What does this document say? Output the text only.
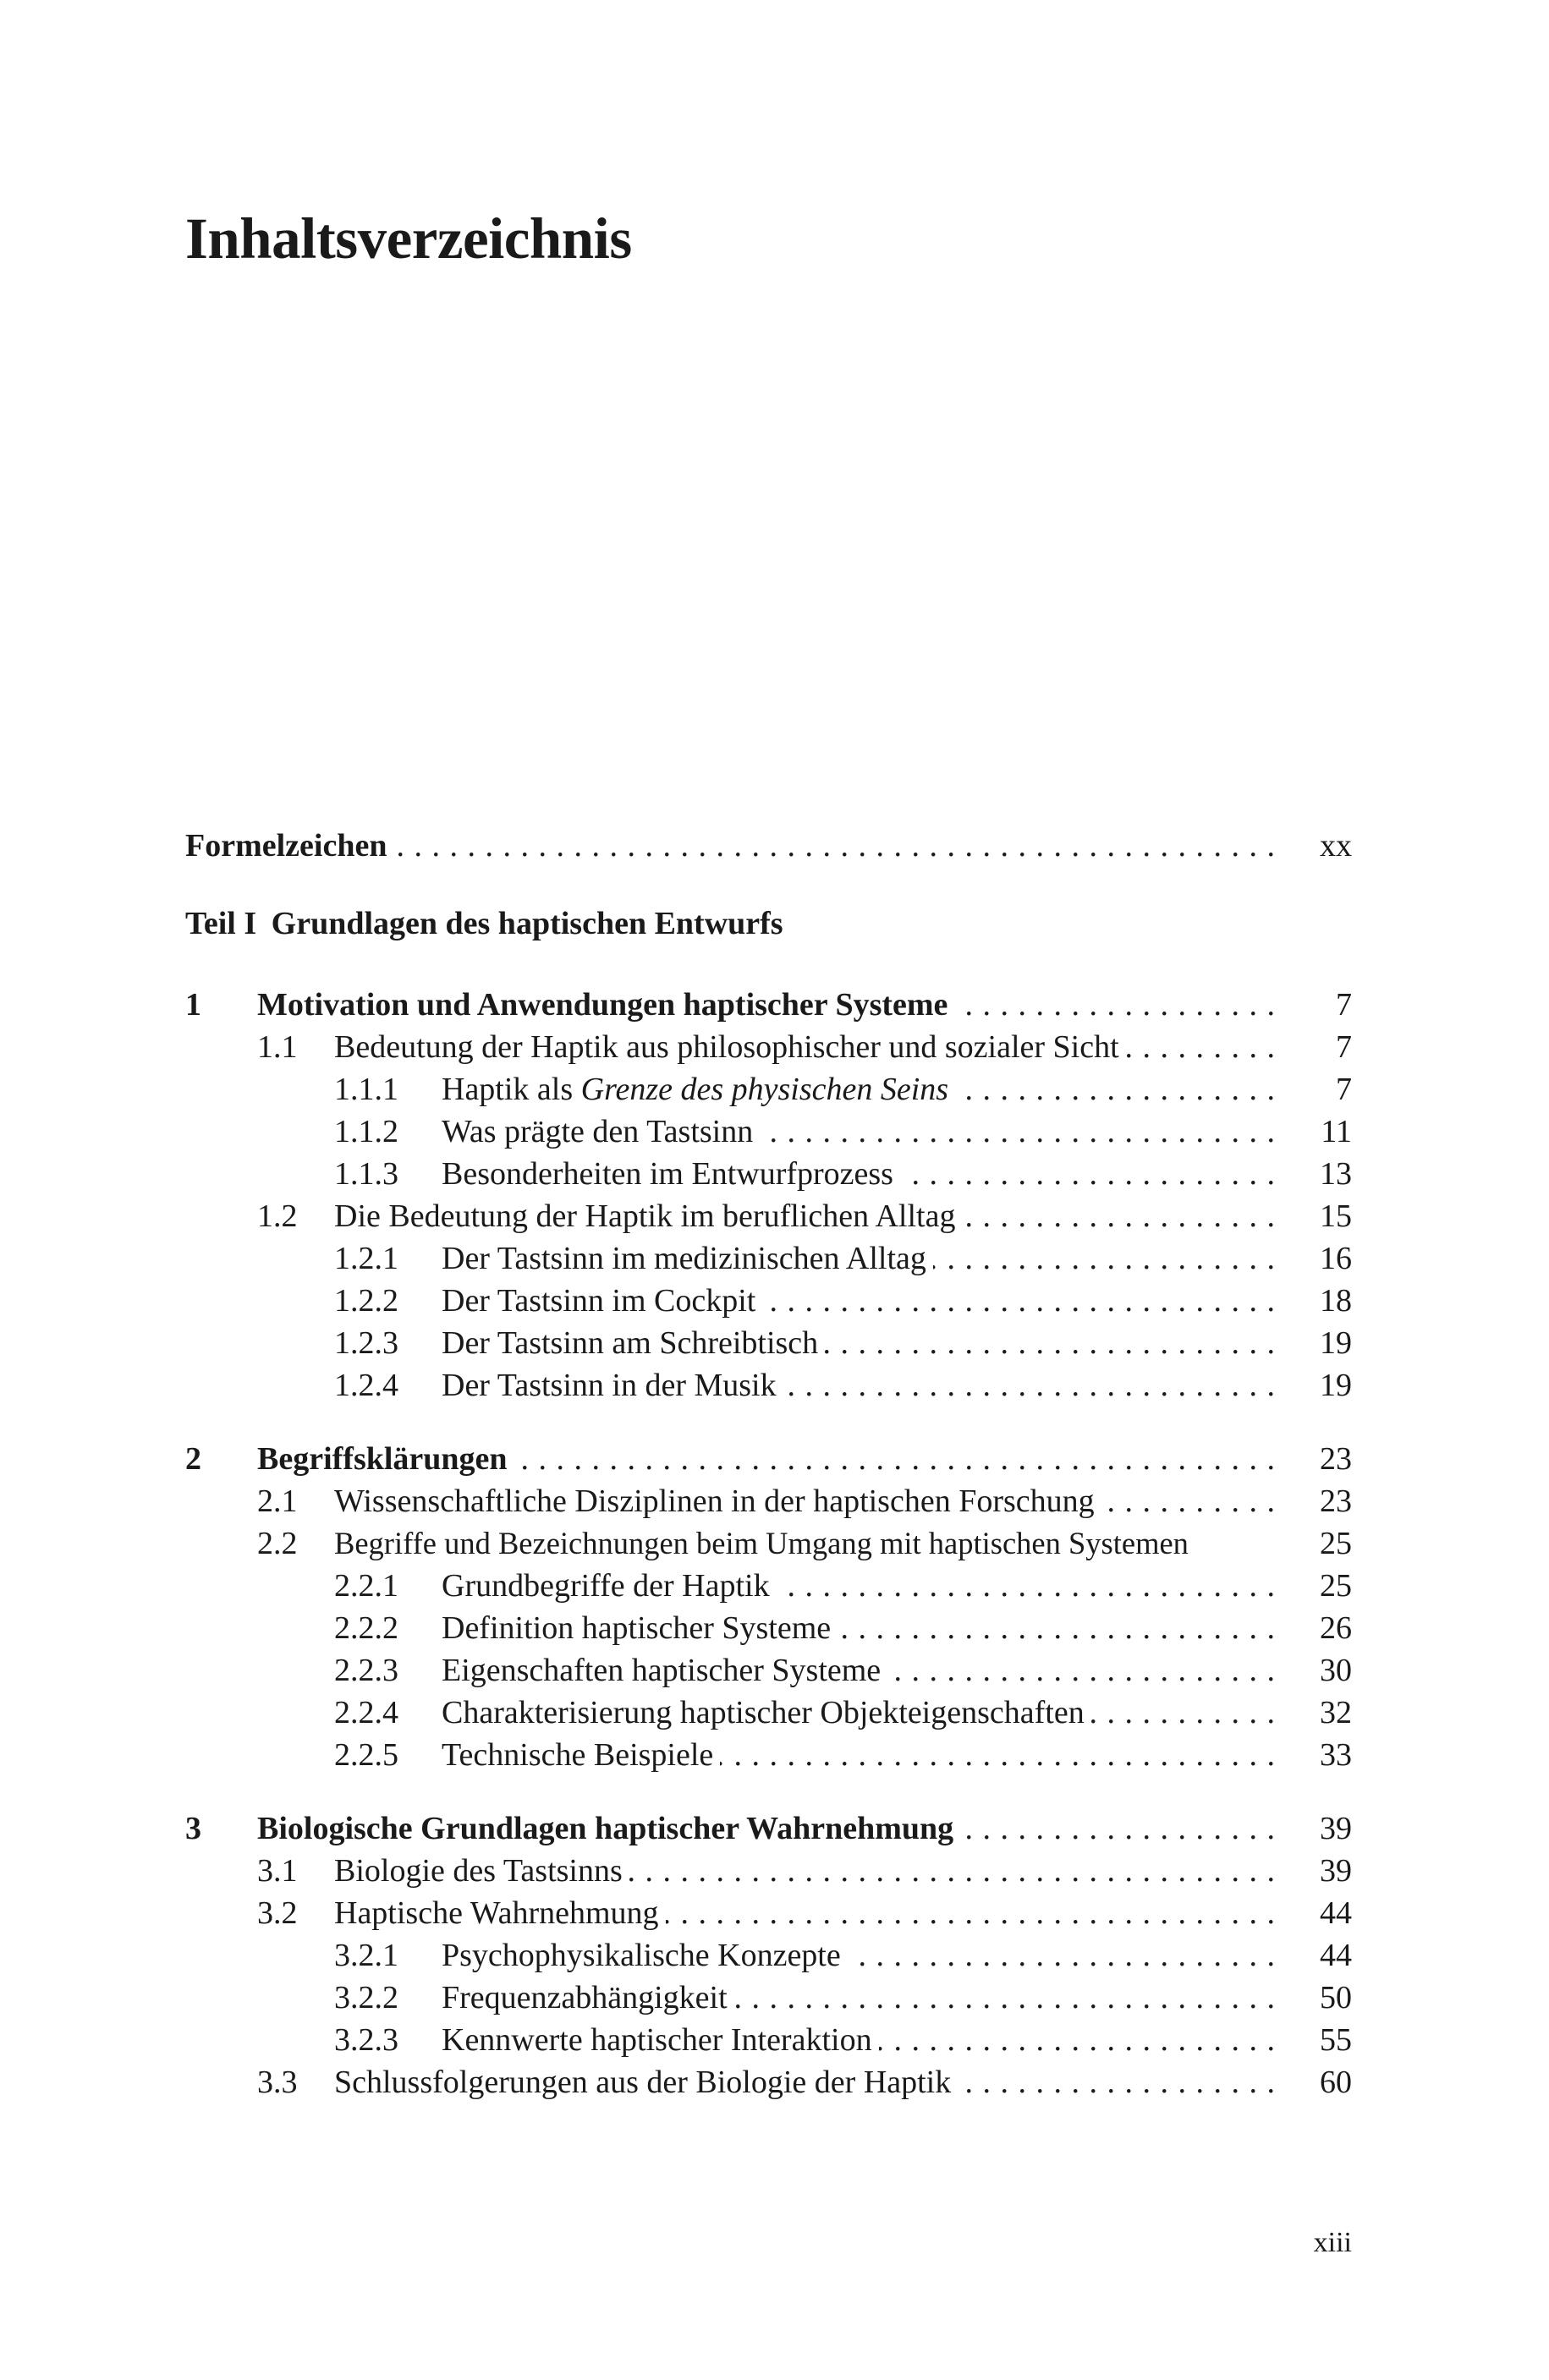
Inhaltsverzeichnis
Formelzeichen . . .	xx
Teil I Grundlagen des haptischen Entwurfs
1 Motivation und Anwendungen haptischer Systeme . . .	7
1.1 Bedeutung der Haptik aus philosophischer und sozialer Sicht . . .	7
1.1.1 Haptik als Grenze des physischen Seins . . .	7
1.1.2 Was prägte den Tastsinn . . .	11
1.1.3 Besonderheiten im Entwurfprozess . . .	13
1.2 Die Bedeutung der Haptik im beruflichen Alltag . . .	15
1.2.1 Der Tastsinn im medizinischen Alltag . . .	16
1.2.2 Der Tastsinn im Cockpit . . .	18
1.2.3 Der Tastsinn am Schreibtisch . . .	19
1.2.4 Der Tastsinn in der Musik . . .	19
2 Begriffsklärungen . . .	23
2.1 Wissenschaftliche Disziplinen in der haptischen Forschung . . .	23
2.2 Begriffe und Bezeichnungen beim Umgang mit haptischen Systemen	25
2.2.1 Grundbegriffe der Haptik . . .	25
2.2.2 Definition haptischer Systeme . . .	26
2.2.3 Eigenschaften haptischer Systeme . . .	30
2.2.4 Charakterisierung haptischer Objekteigenschaften . . .	32
2.2.5 Technische Beispiele . . .	33
3 Biologische Grundlagen haptischer Wahrnehmung . . .	39
3.1 Biologie des Tastsinns . . .	39
3.2 Haptische Wahrnehmung . . .	44
3.2.1 Psychophysikalische Konzepte . . .	44
3.2.2 Frequenzabhängigkeit . . .	50
3.2.3 Kennwerte haptischer Interaktion . . .	55
3.3 Schlussfolgerungen aus der Biologie der Haptik . . .	60
xiii
